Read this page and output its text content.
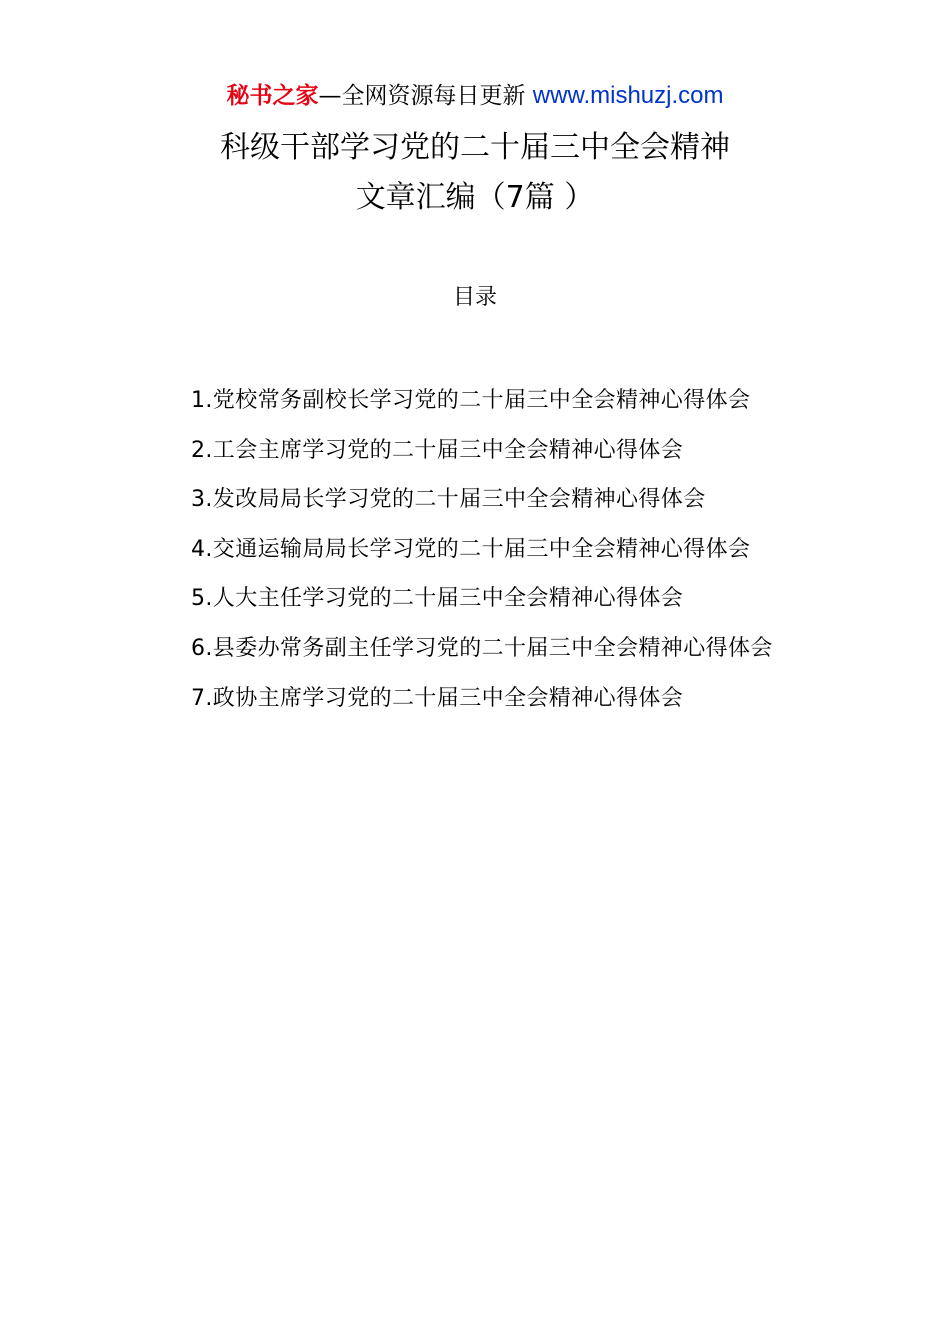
秘书之家—全网资源每日更新 www.mishuzj.com
科级干部学习党的二十届三中全会精神
文章汇编（7篇 ）
目录
1.党校常务副校长学习党的二十届三中全会精神心得体会
2.工会主席学习党的二十届三中全会精神心得体会
3.发改局局长学习党的二十届三中全会精神心得体会
4.交通运输局局长学习党的二十届三中全会精神心得体会
5.人大主任学习党的二十届三中全会精神心得体会
6.县委办常务副主任学习党的二十届三中全会精神心得体会
7.政协主席学习党的二十届三中全会精神心得体会
